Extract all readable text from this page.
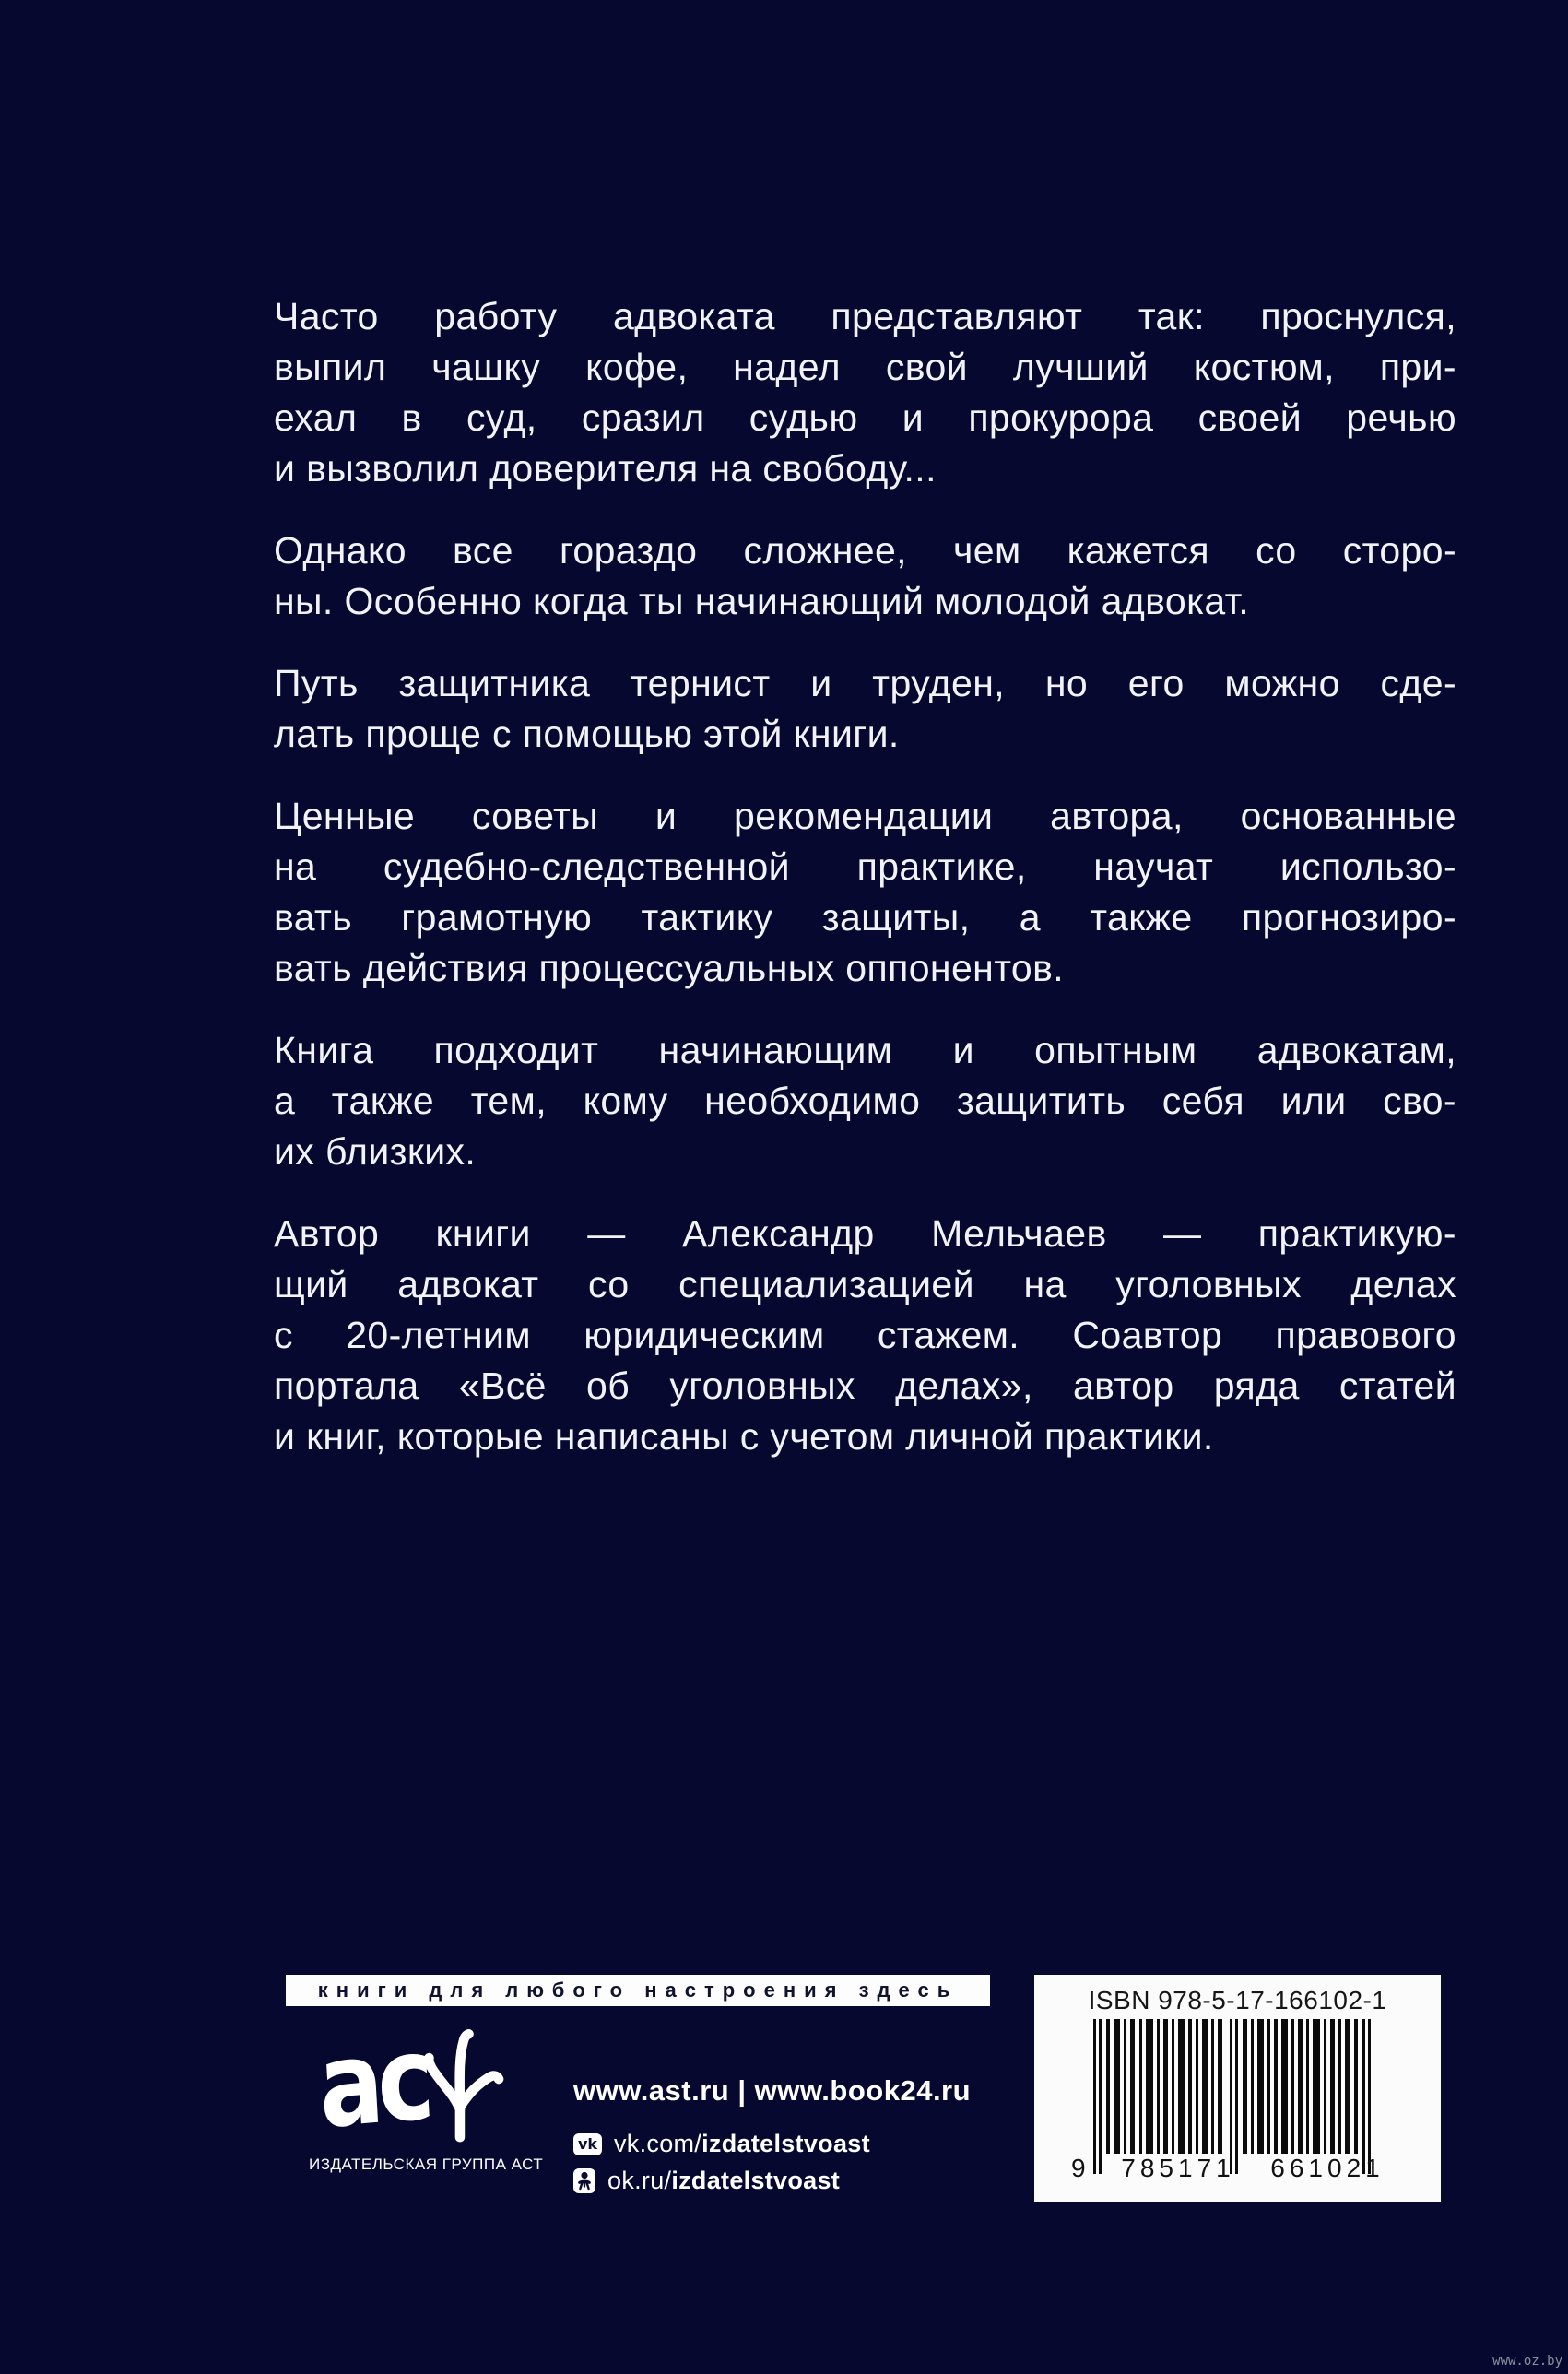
Часто работу адвоката представляют так: проснулся,
выпил чашку кофе, надел свой лучший костюм, при-
ехал в суд, сразил судью и прокурора своей речью
и вызволил доверителя на свободу...
Однако все гораздо сложнее, чем кажется со сторо-
ны. Особенно когда ты начинающий молодой адвокат.
Путь защитника тернист и труден, но его можно сде-
лать проще с помощью этой книги.
Ценные советы и рекомендации автора, основанные
на судебно-следственной практике, научат использо-
вать грамотную тактику защиты, а также прогнозиро-
вать действия процессуальных оппонентов.
Книга подходит начинающим и опытным адвокатам,
а также тем, кому необходимо защитить себя или сво-
их близких.
Автор книги — Александр Мельчаев — практикую-
щий адвокат со специализацией на уголовных делах
с 20-летним юридическим стажем. Соавтор правового
портала «Всё об уголовных делах», автор ряда статей
и книг, которые написаны с учетом личной практики.
книги для любого настроения здесь
ac
ИЗДАТЕЛЬСКАЯ ГРУППА АСТ
www.ast.ru | www.book24.ru
vk vk.com/izdatelstvoast
ok.ru/izdatelstvoast
ISBN 978-5-17-166102-1
9	785171	661021
www.oz.by
